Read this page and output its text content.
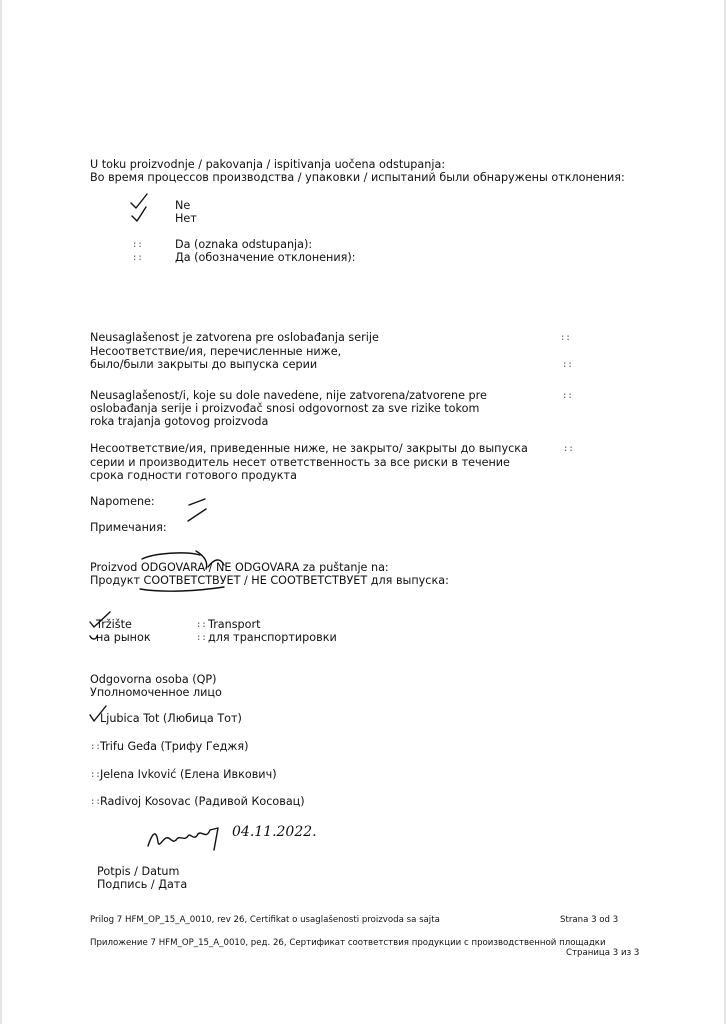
U toku proizvodnje / pakovanja / ispitivanja uočena odstupanja:
Во время процессов производства / упаковки / испытаний были обнаружены отклонения:
Ne
Нет
::
::
Da (oznaka odstupanja):
Да (обозначение отклонения):
Neusaglašenost je zatvorena pre oslobađanja serije
Несоответствие/ия, перечисленные ниже,
было/были закрыты до выпуска серии
::
::
Neusaglašenost/i, koje su dole navedene, nije zatvorena/zatvorene pre
oslobađanja serije i proizvođač snosi odgovornost za sve rizike tokom
roka trajanja gotovog proizvoda
::
Несоответствие/ия, приведенные ниже, не закрыто/ закрыты до выпуска
серии и производитель несет ответственность за все риски в течение
срока годности готового продукта
::
Napomene:
Примечания:
Proizvod ODGOVARA / NE ODGOVARA za puštanje na:
Продукт СООТВЕТСТВУЕТ / НЕ СООТВЕТСТВУЕТ для выпуска:
Tržište
на рынок
::
::
Transport
для транспортировки
Odgovorna osoba (QP)
Уполномоченное лицо
Ljubica Tot (Любица Тот)
:: Trifu Geđa (Трифу Геджя)
:: Jelena Ivković (Елена Ивкович)
:: Radivoj Kosovac (Радивой Косовац)
04.11.2022.
Potpis / Datum
Подпись / Дата
Prilog 7 HFM_OP_15_A_0010, rev 26, Certifikat o usaglašenosti proizvoda sa sajta	Strana 3 od 3
Приложение 7 HFM_OP_15_A_0010, ред. 26, Сертификат соответствия продукции с производственной площадки
Страница 3 из 3
